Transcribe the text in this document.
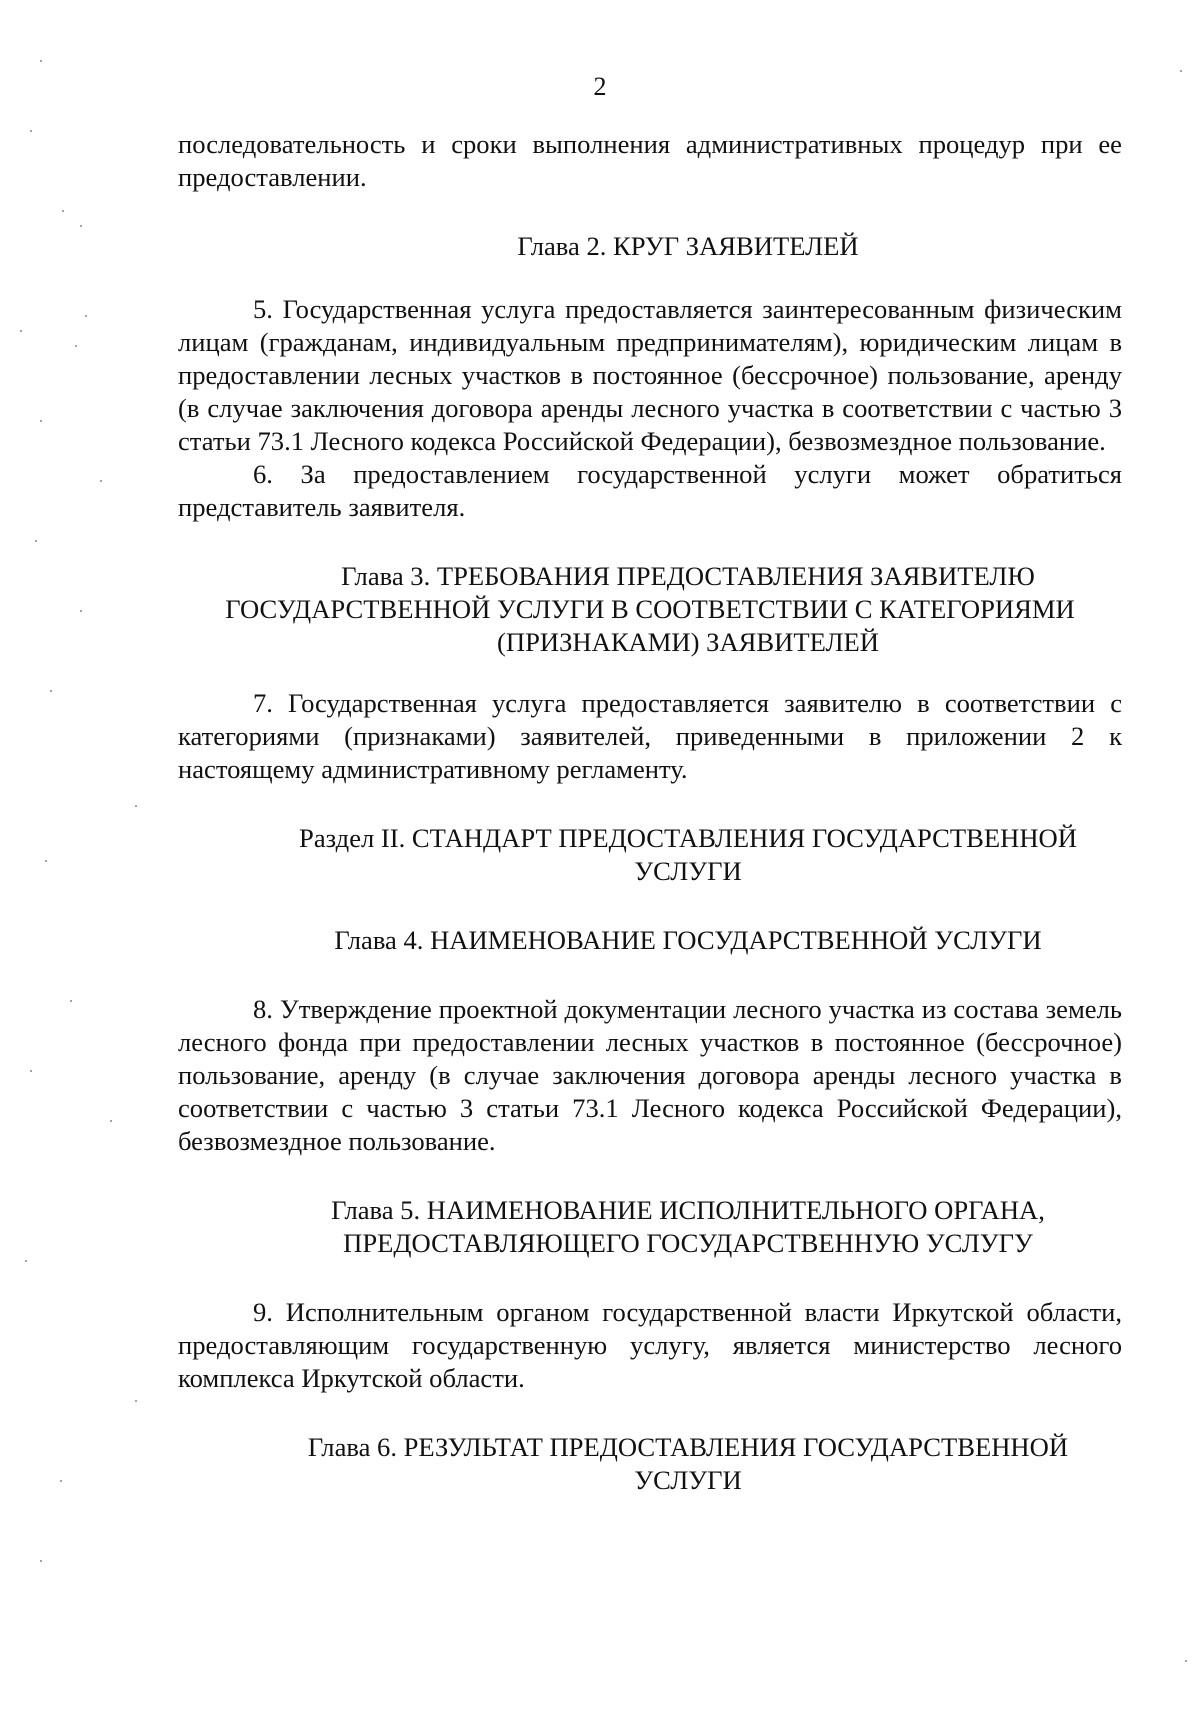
2

последовательность и сроки выполнения административных процедур при ее предоставлении.

Глава 2. КРУГ ЗАЯВИТЕЛЕЙ

5. Государственная услуга предоставляется заинтересованным физическим лицам (гражданам, индивидуальным предпринимателям), юридическим лицам в предоставлении лесных участков в постоянное (бессрочное) пользование, аренду (в случае заключения договора аренды лесного участка в соответствии с частью 3 статьи 73.1 Лесного кодекса Российской Федерации), безвозмездное пользование.

6. За предоставлением государственной услуги может обратиться представитель заявителя.

Глава 3. ТРЕБОВАНИЯ ПРЕДОСТАВЛЕНИЯ ЗАЯВИТЕЛЮ
ГОСУДАРСТВЕННОЙ УСЛУГИ В СООТВЕТСТВИИ С КАТЕГОРИЯМИ
(ПРИЗНАКАМИ) ЗАЯВИТЕЛЕЙ

7. Государственная услуга предоставляется заявителю в соответствии с категориями (признаками) заявителей, приведенными в приложении 2 к настоящему административному регламенту.

Раздел II. СТАНДАРТ ПРЕДОСТАВЛЕНИЯ ГОСУДАРСТВЕННОЙ
УСЛУГИ
Глава 4. НАИМЕНОВАНИЕ ГОСУДАРСТВЕННОЙ УСЛУГИ

8. Утверждение проектной документации лесного участка из состава земель лесного фонда при предоставлении лесных участков в постоянное (бессрочное) пользование, аренду (в случае заключения договора аренды лесного участка в соответствии с частью 3 статьи 73.1 Лесного кодекса Российской Федерации), безвозмездное пользование.

Глава 5. НАИМЕНОВАНИЕ ИСПОЛНИТЕЛЬНОГО ОРГАНА,
ПРЕДОСТАВЛЯЮЩЕГО ГОСУДАРСТВЕННУЮ УСЛУГУ

9. Исполнительным органом государственной власти Иркутской области, предоставляющим государственную услугу, является министерство лесного комплекса Иркутской области.

Глава 6. РЕЗУЛЬТАТ ПРЕДОСТАВЛЕНИЯ ГОСУДАРСТВЕННОЙ
УСЛУГИ
